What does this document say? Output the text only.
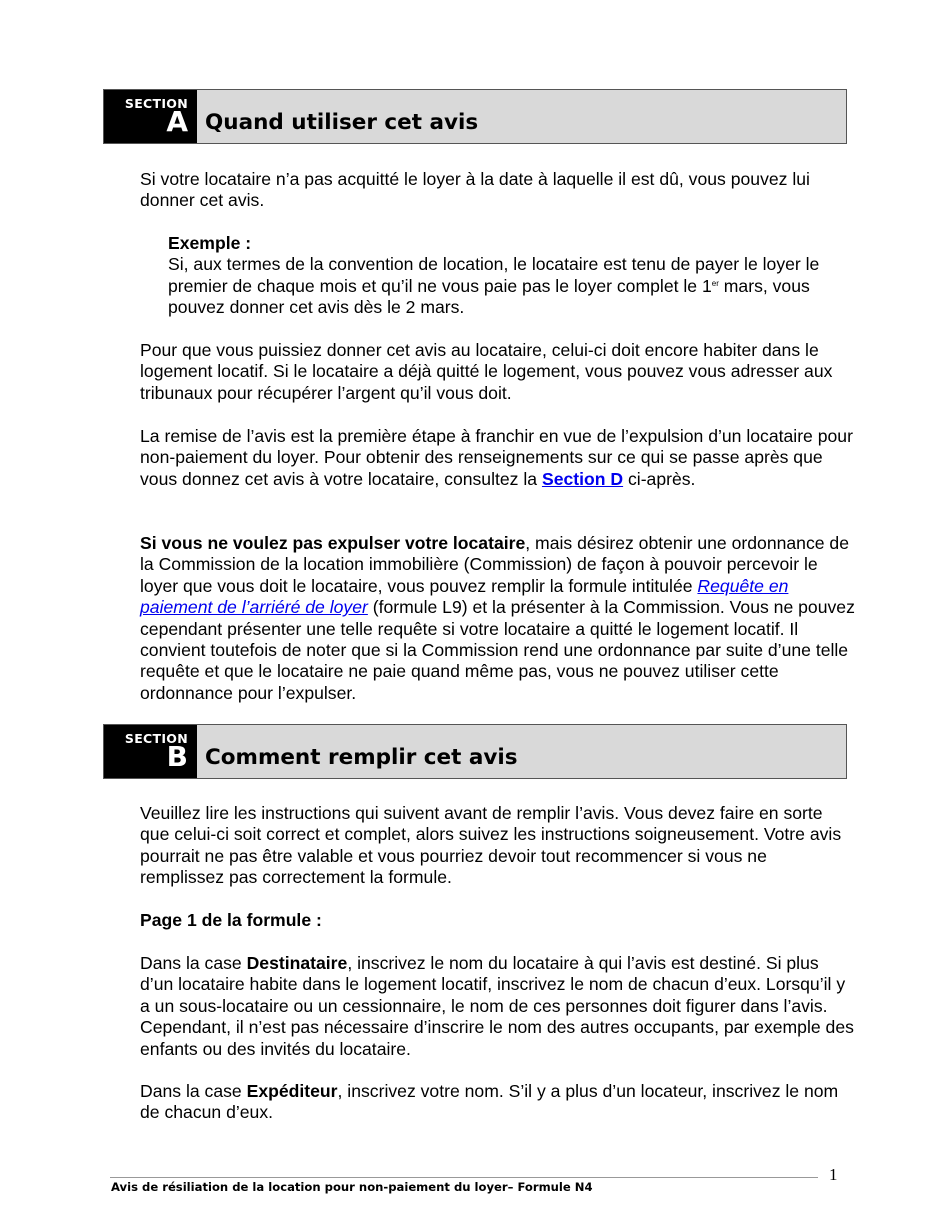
SECTION
A Quand utiliser cet avis

Si votre locataire n’a pas acquitté le loyer à la date à laquelle il est dû, vous pouvez lui donner cet avis.

Exemple :
Si, aux termes de la convention de location, le locataire est tenu de payer le loyer le premier de chaque mois et qu’il ne vous paie pas le loyer complet le 1er mars, vous pouvez donner cet avis dès le 2 mars.

Pour que vous puissiez donner cet avis au locataire, celui-ci doit encore habiter dans le logement locatif. Si le locataire a déjà quitté le logement, vous pouvez vous adresser aux tribunaux pour récupérer l’argent qu’il vous doit.

La remise de l’avis est la première étape à franchir en vue de l’expulsion d’un locataire pour non-paiement du loyer. Pour obtenir des renseignements sur ce qui se passe après que vous donnez cet avis à votre locataire, consultez la Section D ci-après.

Si vous ne voulez pas expulser votre locataire, mais désirez obtenir une ordonnance de la Commission de la location immobilière (Commission) de façon à pouvoir percevoir le loyer que vous doit le locataire, vous pouvez remplir la formule intitulée Requête en paiement de l’arriéré de loyer (formule L9) et la présenter à la Commission. Vous ne pouvez cependant présenter une telle requête si votre locataire a quitté le logement locatif. Il convient toutefois de noter que si la Commission rend une ordonnance par suite d’une telle requête et que le locataire ne paie quand même pas, vous ne pouvez utiliser cette ordonnance pour l’expulser.

SECTION
B Comment remplir cet avis

Veuillez lire les instructions qui suivent avant de remplir l’avis. Vous devez faire en sorte que celui-ci soit correct et complet, alors suivez les instructions soigneusement. Votre avis pourrait ne pas être valable et vous pourriez devoir tout recommencer si vous ne remplissez pas correctement la formule.

Page 1 de la formule :

Dans la case Destinataire, inscrivez le nom du locataire à qui l’avis est destiné. Si plus d’un locataire habite dans le logement locatif, inscrivez le nom de chacun d’eux. Lorsqu’il y a un sous-locataire ou un cessionnaire, le nom de ces personnes doit figurer dans l’avis. Cependant, il n’est pas nécessaire d’inscrire le nom des autres occupants, par exemple des enfants ou des invités du locataire.

Dans la case Expéditeur, inscrivez votre nom. S’il y a plus d’un locateur, inscrivez le nom de chacun d’eux.

1
Avis de résiliation de la location pour non-paiement du loyer– Formule N4
